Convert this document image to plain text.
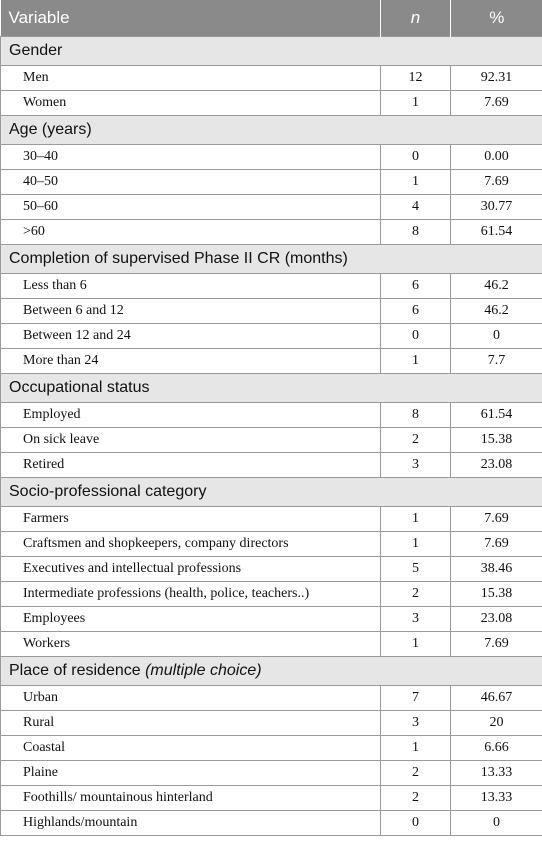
Variable	n	%
Gender		
Men	12	92.31
Women	1	7.69
Age (years)		
30–40	0	0.00
40–50	1	7.69
50–60	4	30.77
>60	8	61.54
Completion of supervised Phase II CR (months)		
Less than 6	6	46.2
Between 6 and 12	6	46.2
Between 12 and 24	0	0
More than 24	1	7.7
Occupational status		
Employed	8	61.54
On sick leave	2	15.38
Retired	3	23.08
Socio-professional category		
Farmers	1	7.69
Craftsmen and shopkeepers, company directors	1	7.69
Executives and intellectual professions	5	38.46
Intermediate professions (health, police, teachers..)	2	15.38
Employees	3	23.08
Workers	1	7.69
Place of residence (multiple choice)		
Urban	7	46.67
Rural	3	20
Coastal	1	6.66
Plaine	2	13.33
Foothills/ mountainous hinterland	2	13.33
Highlands/mountain	0	0
